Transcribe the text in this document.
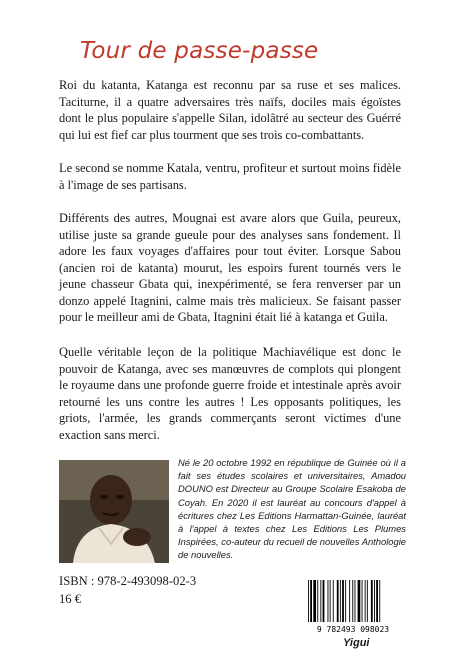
Tour de passe-passe

Roi du katanta, Katanga est reconnu par sa ruse et ses malices. Taciturne, il a quatre adversaires très naïfs, dociles mais égoïstes dont le plus populaire s'appelle Silan, idolâtré au secteur des Guérré qui lui est fief car plus tourment que ses trois co-combattants.

Le second se nomme Katala, ventru, profiteur et surtout moins fidèle à l'image de ses partisans.

Différents des autres, Mougnai est avare alors que Guila, peureux, utilise juste sa grande gueule pour des analyses sans fondement. Il adore les faux voyages d'affaires pour tout éviter. Lorsque Sabou (ancien roi de katanta) mourut, les espoirs furent tournés vers le jeune chasseur Gbata qui, inexpérimenté, se fera renverser par un donzo appelé Itagnini, calme mais très malicieux. Se faisant passer pour le meilleur ami de Gbata, Itagnini était lié à katanga et Guila.

Quelle véritable leçon de la politique Machiavélique est donc le pouvoir de Katanga, avec ses manœuvres de complots qui plongent le royaume dans une profonde guerre froide et intestinale après avoir retourné les uns contre les autres ! Les opposants politiques, les griots, l'armée, les grands commerçants seront victimes d'une exaction sans merci.

Né le 20 octobre 1992 en république de Guinée où il a fait ses études scolaires et universitaires, Amadou DOUNO est Directeur au Groupe Scolaire Esakoba de Coyah. En 2020 il est lauréat au concours d'appel à écritures chez Les Editions Harmattan-Guinée, lauréat à l'appel à textes chez Les Editions Les Plumes Inspirées, co-auteur du recueil de nouvelles Anthologie de nouvelles.

ISBN : 978-2-493098-02-3
16 €
9 782493 098023
Yigui
